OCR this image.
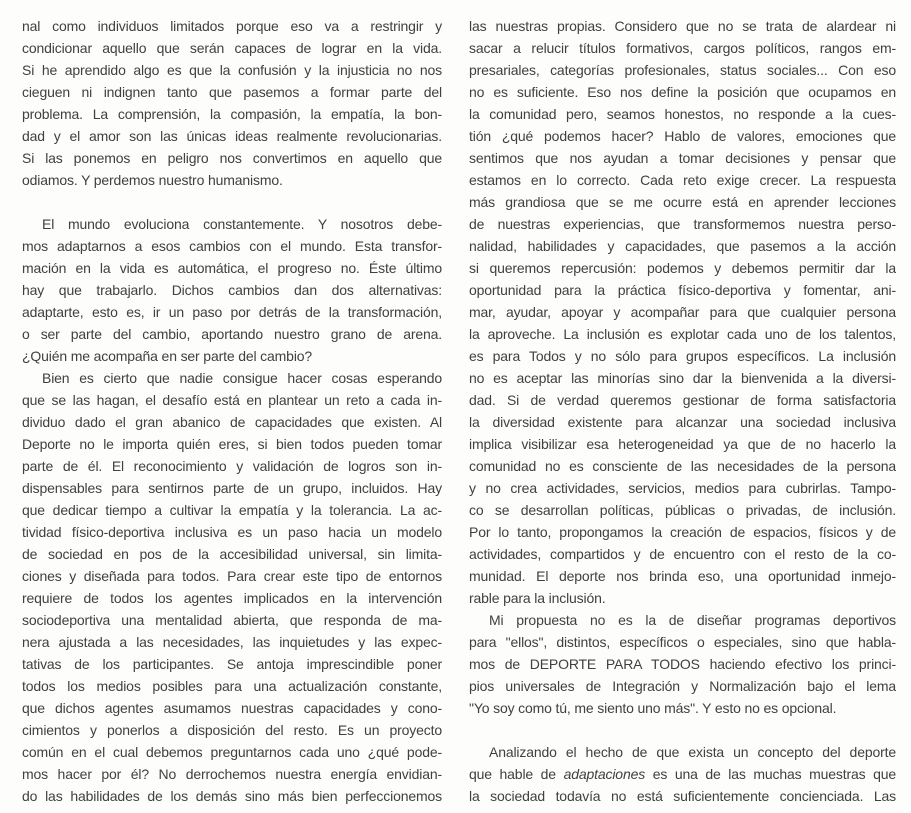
nal como individuos limitados porque eso va a restringir y
condicionar aquello que serán capaces de lograr en la vida.
Si he aprendido algo es que la confusión y la injusticia no nos
cieguen ni indignen tanto que pasemos a formar parte del
problema. La comprensión, la compasión, la empatía, la bon-
dad y el amor son las únicas ideas realmente revolucionarias.
Si las ponemos en peligro nos convertimos en aquello que
odiamos. Y perdemos nuestro humanismo.
El mundo evoluciona constantemente. Y nosotros debe-
mos adaptarnos a esos cambios con el mundo. Esta transfor-
mación en la vida es automática, el progreso no. Éste último
hay que trabajarlo. Dichos cambios dan dos alternativas:
adaptarte, esto es, ir un paso por detrás de la transformación,
o ser parte del cambio, aportando nuestro grano de arena.
¿Quién me acompaña en ser parte del cambio?
Bien es cierto que nadie consigue hacer cosas esperando
que se las hagan, el desafío está en plantear un reto a cada in-
dividuo dado el gran abanico de capacidades que existen. Al
Deporte no le importa quién eres, si bien todos pueden tomar
parte de él. El reconocimiento y validación de logros son in-
dispensables para sentirnos parte de un grupo, incluidos. Hay
que dedicar tiempo a cultivar la empatía y la tolerancia. La ac-
tividad físico-deportiva inclusiva es un paso hacia un modelo
de sociedad en pos de la accesibilidad universal, sin limita-
ciones y diseñada para todos. Para crear este tipo de entornos
requiere de todos los agentes implicados en la intervención
sociodeportiva una mentalidad abierta, que responda de ma-
nera ajustada a las necesidades, las inquietudes y las expec-
tativas de los participantes. Se antoja imprescindible poner
todos los medios posibles para una actualización constante,
que dichos agentes asumamos nuestras capacidades y cono-
cimientos y ponerlos a disposición del resto. Es un proyecto
común en el cual debemos preguntarnos cada uno ¿qué pode-
mos hacer por él? No derrochemos nuestra energía envidian-
do las habilidades de los demás sino más bien perfeccionemos
las nuestras propias. Considero que no se trata de alardear ni
sacar a relucir títulos formativos, cargos políticos, rangos em-
presariales, categorías profesionales, status sociales... Con eso
no es suficiente. Eso nos define la posición que ocupamos en
la comunidad pero, seamos honestos, no responde a la cues-
tión ¿qué podemos hacer? Hablo de valores, emociones que
sentimos que nos ayudan a tomar decisiones y pensar que
estamos en lo correcto. Cada reto exige crecer. La respuesta
más grandiosa que se me ocurre está en aprender lecciones
de nuestras experiencias, que transformemos nuestra perso-
nalidad, habilidades y capacidades, que pasemos a la acción
si queremos repercusión: podemos y debemos permitir dar la
oportunidad para la práctica físico-deportiva y fomentar, ani-
mar, ayudar, apoyar y acompañar para que cualquier persona
la aproveche. La inclusión es explotar cada uno de los talentos,
es para Todos y no sólo para grupos específicos. La inclusión
no es aceptar las minorías sino dar la bienvenida a la diversi-
dad. Si de verdad queremos gestionar de forma satisfactoria
la diversidad existente para alcanzar una sociedad inclusiva
implica visibilizar esa heterogeneidad ya que de no hacerlo la
comunidad no es consciente de las necesidades de la persona
y no crea actividades, servicios, medios para cubrirlas. Tampo-
co se desarrollan políticas, públicas o privadas, de inclusión.
Por lo tanto, propongamos la creación de espacios, físicos y de
actividades, compartidos y de encuentro con el resto de la co-
munidad. El deporte nos brinda eso, una oportunidad inmejo-
rable para la inclusión.
Mi propuesta no es la de diseñar programas deportivos
para "ellos", distintos, específicos o especiales, sino que habla-
mos de DEPORTE PARA TODOS haciendo efectivo los princi-
pios universales de Integración y Normalización bajo el lema
"Yo soy como tú, me siento uno más". Y esto no es opcional.
Analizando el hecho de que exista un concepto del deporte
que hable de adaptaciones es una de las muchas muestras que
la sociedad todavía no está suficientemente concienciada. Las
